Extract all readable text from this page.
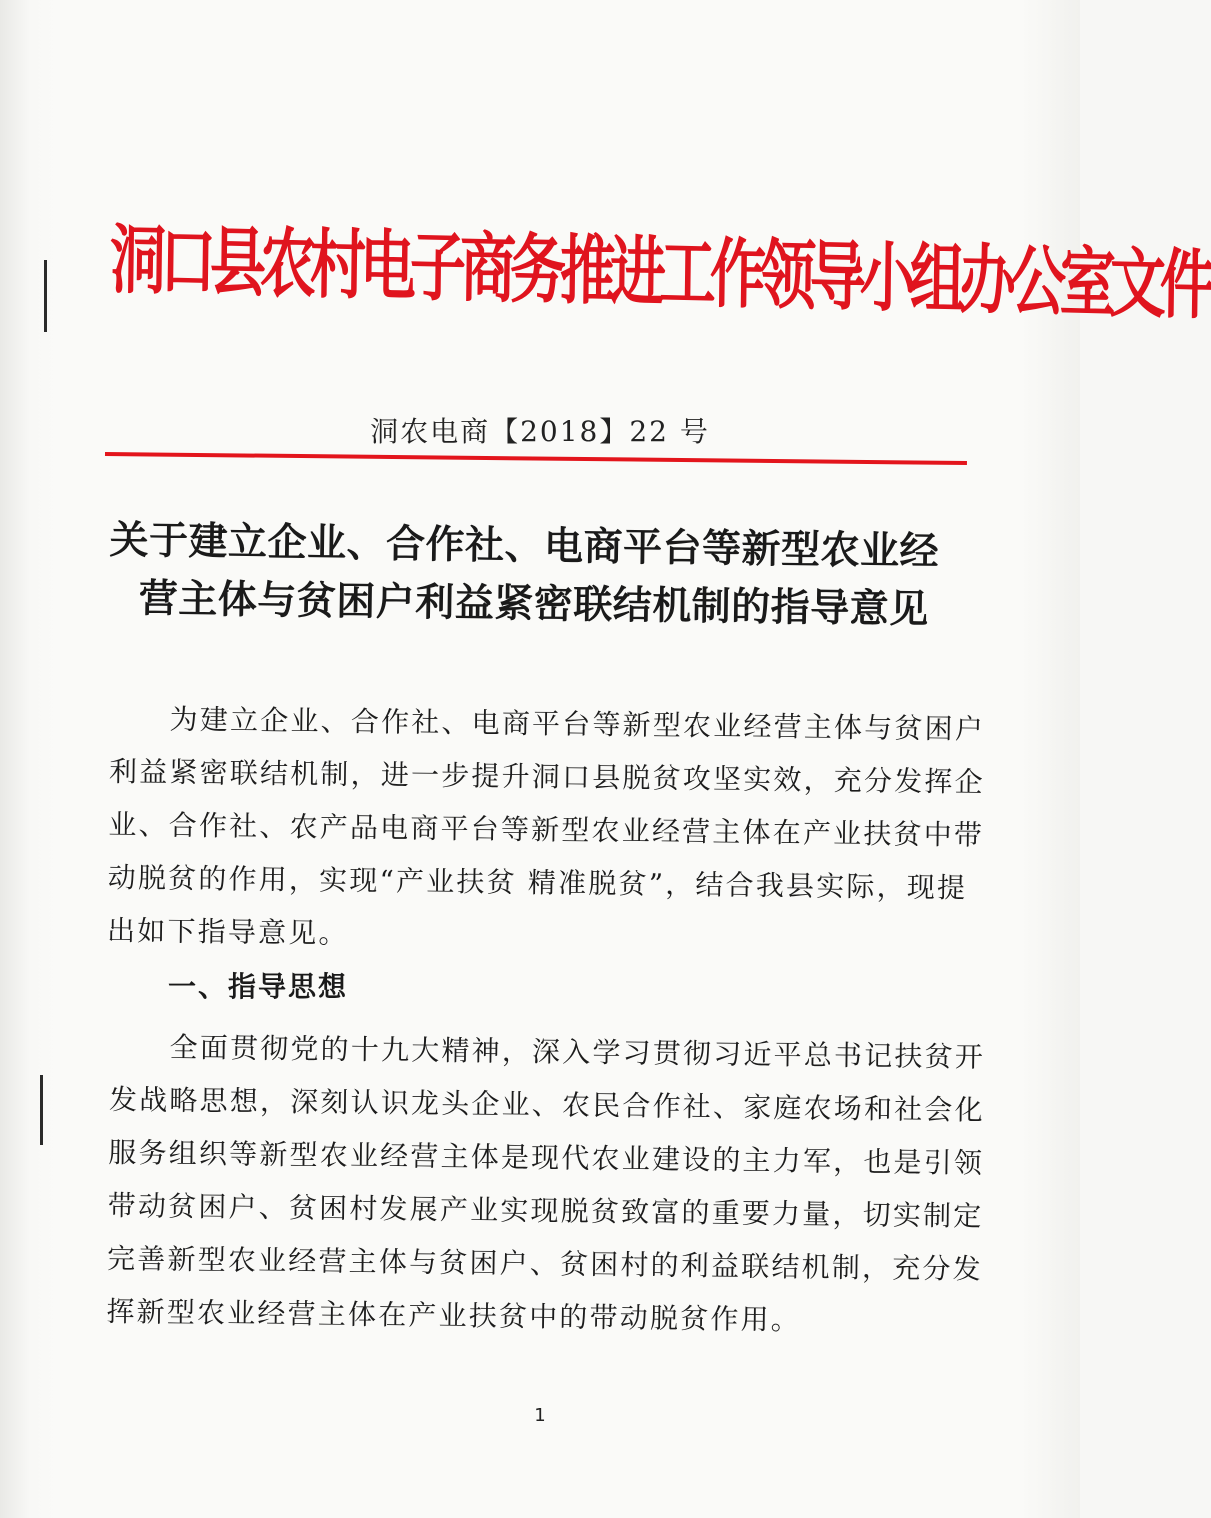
洞口县农村电子商务推进工作领导小组办公室文件
洞农电商【2018】22 号
关于建立企业、合作社、电商平台等新型农业经
营主体与贫困户利益紧密联结机制的指导意见
为建立企业、合作社、电商平台等新型农业经营主体与贫困户
利益紧密联结机制，进一步提升洞口县脱贫攻坚实效，充分发挥企
业、合作社、农产品电商平台等新型农业经营主体在产业扶贫中带
动脱贫的作用，实现“产业扶贫 精准脱贫”，结合我县实际，现提
出如下指导意见。
一、指导思想
全面贯彻党的十九大精神，深入学习贯彻习近平总书记扶贫开
发战略思想，深刻认识龙头企业、农民合作社、家庭农场和社会化
服务组织等新型农业经营主体是现代农业建设的主力军，也是引领
带动贫困户、贫困村发展产业实现脱贫致富的重要力量，切实制定
完善新型农业经营主体与贫困户、贫困村的利益联结机制，充分发
挥新型农业经营主体在产业扶贫中的带动脱贫作用。
1
